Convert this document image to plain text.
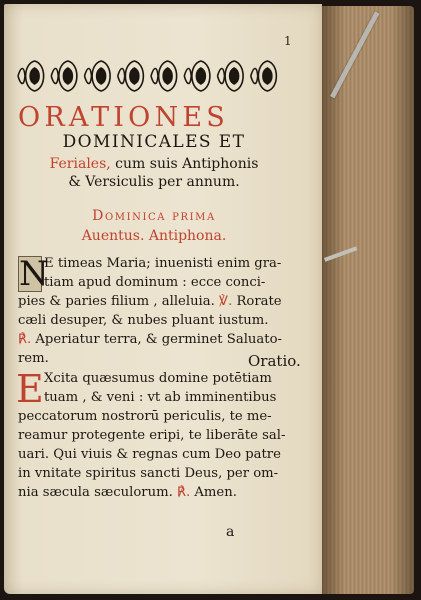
1
ORATIONES
DOMINICALES ET
Feriales, cum suis Antiphonis
& Versiculis per annum.
Dominica prima
Auentus. Antiphona.
N
E timeas Maria; inuenisti enim gra-
tiam apud dominum : ecce conci-
pies & paries filium , alleluia. ℣. Rorate
cæli desuper, & nubes pluant iustum.
℟. Aperiatur terra, & germinet Saluato-
rem.	Oratio.
E Xcita quæsumus domine potētiam
tuam , & veni : vt ab imminentibus
peccatorum nostrorū periculis, te me-
reamur protegente eripi, te liberāte sal-
uari. Qui viuis & regnas cum Deo patre
in vnitate spiritus sancti Deus, per om-
nia sæcula sæculorum. ℟. Amen.
a
